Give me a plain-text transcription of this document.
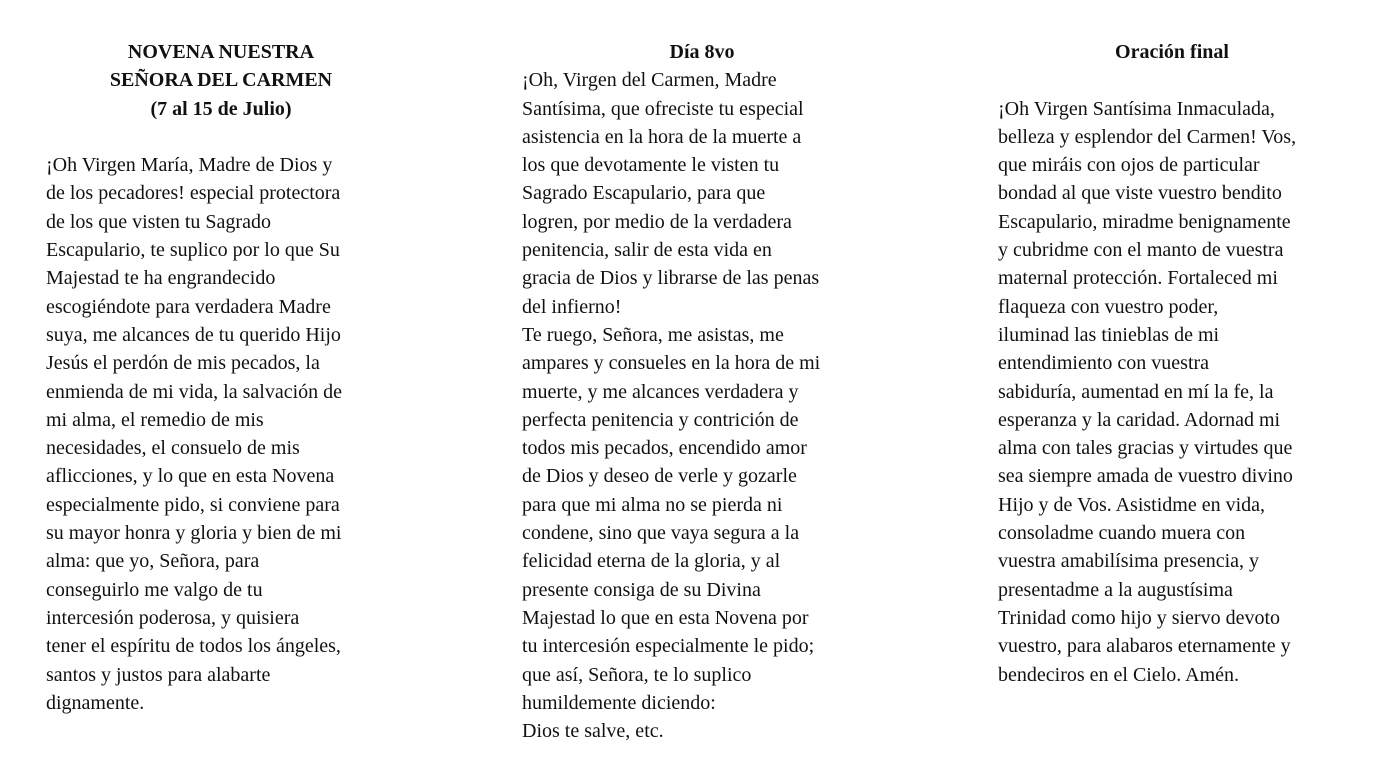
NOVENA NUESTRA
SEÑORA DEL CARMEN
(7 al 15 de Julio)
¡Oh Virgen María, Madre de Dios y
de los pecadores! especial protectora
de los que visten tu Sagrado
Escapulario, te suplico por lo que Su
Majestad te ha engrandecido
escogiéndote para verdadera Madre
suya, me alcances de tu querido Hijo
Jesús el perdón de mis pecados, la
enmienda de mi vida, la salvación de
mi alma, el remedio de mis
necesidades, el consuelo de mis
aflicciones, y lo que en esta Novena
especialmente pido, si conviene para
su mayor honra y gloria y bien de mi
alma: que yo, Señora, para
conseguirlo me valgo de tu
intercesión poderosa, y quisiera
tener el espíritu de todos los ángeles,
santos y justos para alabarte
dignamente.
Día 8vo
¡Oh, Virgen del Carmen, Madre
Santísima, que ofreciste tu especial
asistencia en la hora de la muerte a
los que devotamente le visten tu
Sagrado Escapulario, para que
logren, por medio de la verdadera
penitencia, salir de esta vida en
gracia de Dios y librarse de las penas
del infierno!
Te ruego, Señora, me asistas, me
ampares y consueles en la hora de mi
muerte, y me alcances verdadera y
perfecta penitencia y contrición de
todos mis pecados, encendido amor
de Dios y deseo de verle y gozarle
para que mi alma no se pierda ni
condene, sino que vaya segura a la
felicidad eterna de la gloria, y al
presente consiga de su Divina
Majestad lo que en esta Novena por
tu intercesión especialmente le pido;
que así, Señora, te lo suplico
humildemente diciendo:
Dios te salve, etc.
Oración final
¡Oh Virgen Santísima Inmaculada,
belleza y esplendor del Carmen! Vos,
que miráis con ojos de particular
bondad al que viste vuestro bendito
Escapulario, miradme benignamente
y cubridme con el manto de vuestra
maternal protección. Fortaleced mi
flaqueza con vuestro poder,
iluminad las tinieblas de mi
entendimiento con vuestra
sabiduría, aumentad en mí la fe, la
esperanza y la caridad. Adornad mi
alma con tales gracias y virtudes que
sea siempre amada de vuestro divino
Hijo y de Vos. Asistidme en vida,
consoladme cuando muera con
vuestra amabilísima presencia, y
presentadme a la augustísima
Trinidad como hijo y siervo devoto
vuestro, para alabaros eternamente y
bendeciros en el Cielo. Amén.
